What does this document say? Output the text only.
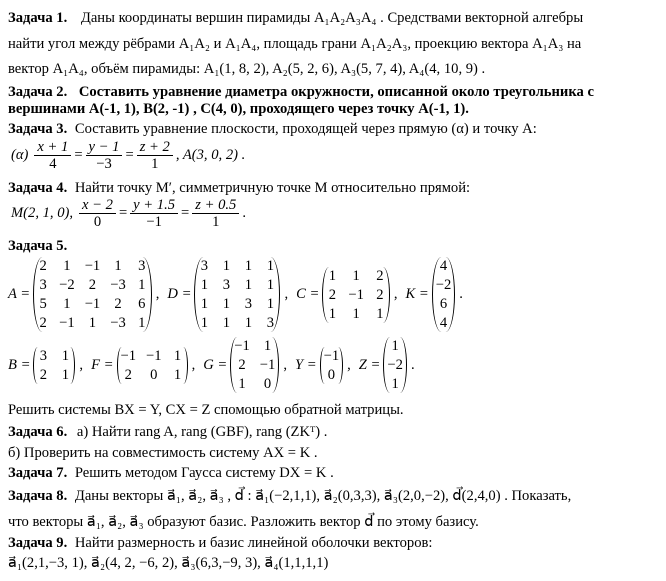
Задача 1. Даны координаты вершин пирамиды A₁A₂A₃A₄ . Средствами векторной алгебры
найти угол между рёбрами A₁A₂ и A₁A₄, площадь грани A₁A₂A₃, проекцию вектора A₁A₃ на
вектор A₁A₄, объём пирамиды: A₁(1, 8, 2), A₂(5, 2, 6), A₃(5, 7, 4), A₄(4, 10, 9) .
Задача 2. Составить уравнение диаметра окружности, описанной около треугольника с
вершинами A(-1, 1), B(2, -1) , C(4, 0), проходящего через точку A(-1, 1).
Задача 3. Составить уравнение плоскости, проходящей через прямую (α) и точку A:
$(\alpha) \frac{x + 1}{4} = \frac{y - 1}{-3} = \frac{z + 2}{1}$ , A(3, 0, 2) .
Задача 4. Найти точку M′, симметричную точке M относительно прямой:
M(2, 1, 0), $\frac{x - 2}{0} = \frac{y + 1.5}{-1} = \frac{z + 0.5}{1}$ .
Задача 5.
A =
2 1 −1 1 3
3 −2 2 −3 1
5 1 −1 2 6
2 −1 1 −3 1
, D =
3 1 1 1
1 3 1 1
1 1 3 1
1 1 1 3
, C =
1 1 2
2 −1 2
1 1 1
, K =
4
−2
6
4
.
B =
3 1
2 1
, F =
−1 −1 1
2 0 1
, G =
−1 1
2 −1
1 0
, Y =
−1
0
, Z =
1
−2
1
.
Решить системы BX = Y, CX = Z спомощью обратной матрицы.
Задача 6. а) Найти rang A, rang (GBF), rang (ZKᵀ) .
б) Проверить на совместимость систему AX = K .
Задача 7. Решить методом Гаусса систему DX = K .
Задача 8. Даны векторы a⃗₁, a⃗₂, a⃗₃ , d⃗ : a⃗₁(−2,1,1), a⃗₂(0,3,3), a⃗₃(2,0,−2), d⃗(2,4,0) . Показать,
что векторы a⃗₁, a⃗₂, a⃗₃ образуют базис. Разложить вектор d⃗ по этому базису.
Задача 9. Найти размерность и базис линейной оболочки векторов:
a⃗₁(2,1,−3, 1), a⃗₂(4, 2, −6, 2), a⃗₃(6,3,−9, 3), a⃗₄(1,1,1,1)
